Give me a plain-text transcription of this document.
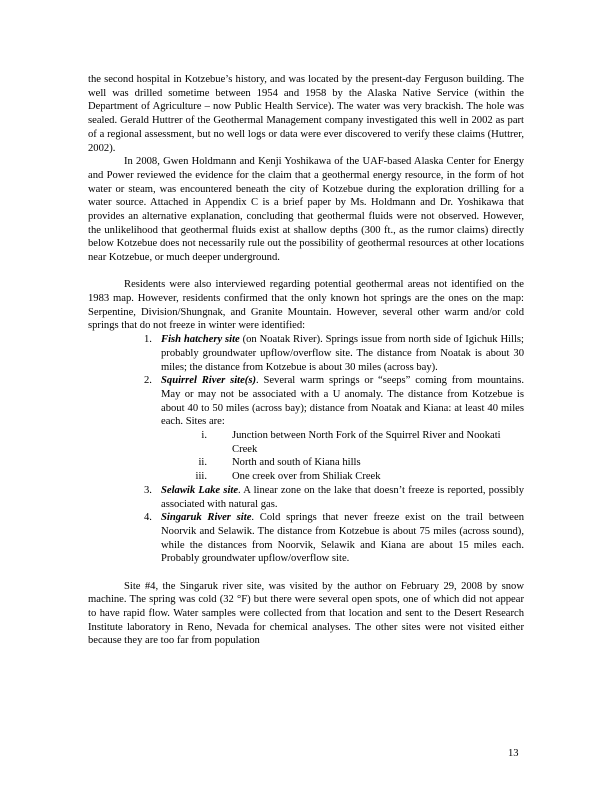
the second hospital in Kotzebue’s history, and was located by the present-day Ferguson building. The well was drilled sometime between 1954 and 1958 by the Alaska Native Service (within the Department of Agriculture – now Public Health Service). The water was very brackish. The hole was sealed. Gerald Huttrer of the Geothermal Management company investigated this well in 2002 as part of a regional assessment, but no well logs or data were ever discovered to verify these claims (Huttrer, 2002).

In 2008, Gwen Holdmann and Kenji Yoshikawa of the UAF-based Alaska Center for Energy and Power reviewed the evidence for the claim that a geothermal energy resource, in the form of hot water or steam, was encountered beneath the city of Kotzebue during the exploration drilling for a water source. Attached in Appendix C is a brief paper by Ms. Holdmann and Dr. Yoshikawa that provides an alternative explanation, concluding that geothermal fluids were not observed. However, the unlikelihood that geothermal fluids exist at shallow depths (300 ft., as the rumor claims) directly below Kotzebue does not necessarily rule out the possibility of geothermal resources at other locations near Kotzebue, or much deeper underground.

Residents were also interviewed regarding potential geothermal areas not identified on the 1983 map. However, residents confirmed that the only known hot springs are the ones on the map: Serpentine, Division/Shungnak, and Granite Mountain. However, several other warm and/or cold springs that do not freeze in winter were identified:

1. Fish hatchery site (on Noatak River). Springs issue from north side of Igichuk Hills; probably groundwater upflow/overflow site. The distance from Noatak is about 30 miles; the distance from Kotzebue is about 30 miles (across bay).
2. Squirrel River site(s). Several warm springs or “seeps” coming from mountains. May or may not be associated with a U anomaly. The distance from Kotzebue is about 40 to 50 miles (across bay); distance from Noatak and Kiana: at least 40 miles each. Sites are:
i. Junction between North Fork of the Squirrel River and Nookati Creek
ii. North and south of Kiana hills
iii. One creek over from Shiliak Creek
3. Selawik Lake site. A linear zone on the lake that doesn’t freeze is reported, possibly associated with natural gas.
4. Singaruk River site. Cold springs that never freeze exist on the trail between Noorvik and Selawik. The distance from Kotzebue is about 75 miles (across sound), while the distances from Noorvik, Selawik and Kiana are about 15 miles each. Probably groundwater upflow/overflow site.

Site #4, the Singaruk river site, was visited by the author on February 29, 2008 by snow machine. The spring was cold (32 °F) but there were several open spots, one of which did not appear to have rapid flow. Water samples were collected from that location and sent to the Desert Research Institute laboratory in Reno, Nevada for chemical analyses. The other sites were not visited either because they are too far from population

13
